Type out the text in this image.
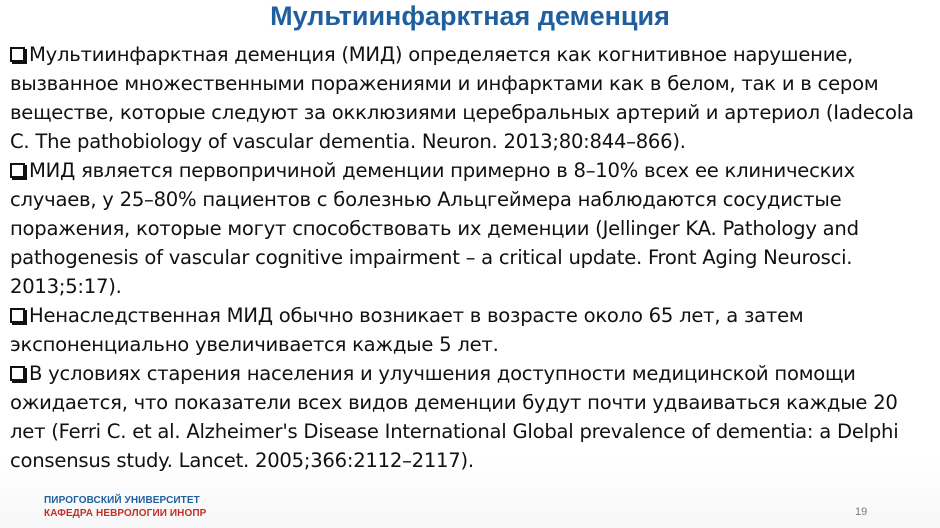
Мультиинфарктная деменция
Мультиинфарктная деменция (МИД) определяется как когнитивное нарушение, вызванное множественными поражениями и инфарктами как в белом, так и в сером веществе, которые следуют за окклюзиями церебральных артерий и артериол (Iadecola C. The pathobiology of vascular dementia. Neuron. 2013;80:844–866).
МИД является первопричиной деменции примерно в 8–10% всех ее клинических случаев, у 25–80% пациентов с болезнью Альцгеймера наблюдаются сосудистые поражения, которые могут способствовать их деменции (Jellinger KA. Pathology and pathogenesis of vascular cognitive impairment – a critical update. Front Aging Neurosci. 2013;5:17).
Ненаследственная МИД обычно возникает в возрасте около 65 лет, а затем экспоненциально увеличивается каждые 5 лет.
В условиях старения населения и улучшения доступности медицинской помощи ожидается, что показатели всех видов деменции будут почти удваиваться каждые 20 лет (Ferri C. et al. Alzheimer's Disease International Global prevalence of dementia: a Delphi consensus study. Lancet. 2005;366:2112–2117).
ПИРОГОВСКИЙ УНИВЕРСИТЕТ
КАФЕДРА НЕВРОЛОГИИ ИНОПР	19
